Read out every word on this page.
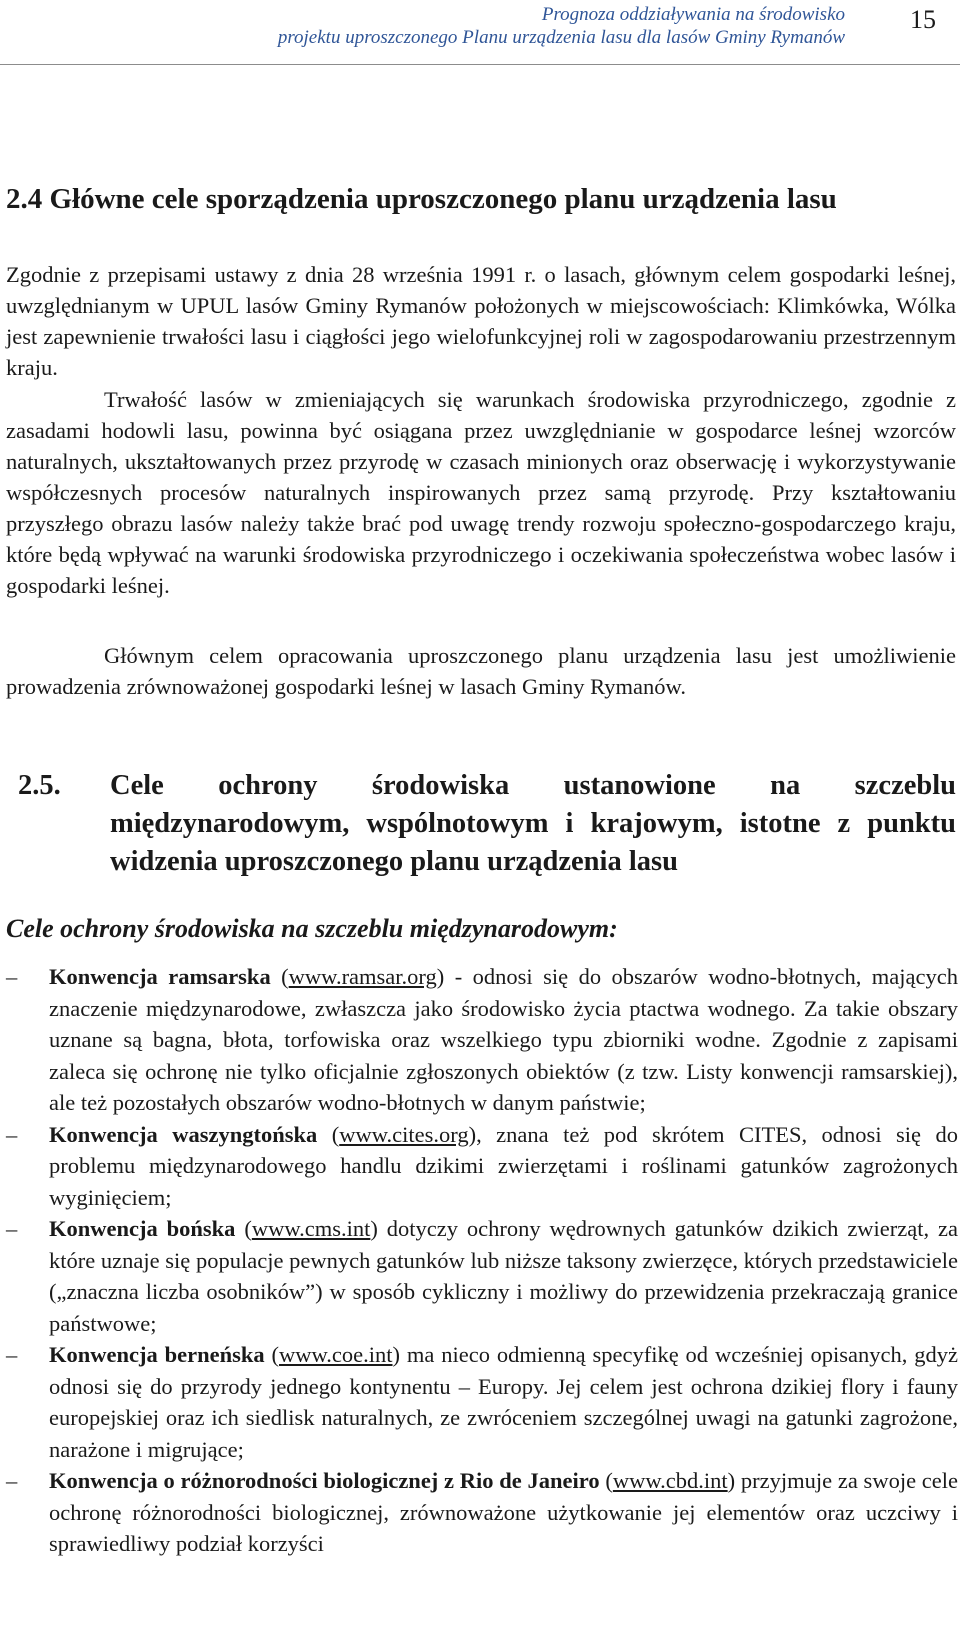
Prognoza oddziaływania na środowisko
projektu uproszczonego Planu urządzenia lasu dla lasów Gminy Rymanów
15
2.4 Główne cele sporządzenia uproszczonego planu urządzenia lasu

Zgodnie z przepisami ustawy z dnia 28 września 1991 r. o lasach, głównym celem gospodarki leśnej, uwzględnianym w UPUL lasów Gminy Rymanów położonych w miejscowościach: Klimkówka, Wólka jest zapewnienie trwałości lasu i ciągłości jego wielofunkcyjnej roli w zagospodarowaniu przestrzennym kraju.

Trwałość lasów w zmieniających się warunkach środowiska przyrodniczego, zgodnie z zasadami hodowli lasu, powinna być osiągana przez uwzględnianie w gospodarce leśnej wzorców naturalnych, ukształtowanych przez przyrodę w czasach minionych oraz obserwację i wykorzystywanie współczesnych procesów naturalnych inspirowanych przez samą przyrodę. Przy kształtowaniu przyszłego obrazu lasów należy także brać pod uwagę trendy rozwoju społeczno-gospodarczego kraju, które będą wpływać na warunki środowiska przyrodniczego i oczekiwania społeczeństwa wobec lasów i gospodarki leśnej.

Głównym celem opracowania uproszczonego planu urządzenia lasu jest umożliwienie prowadzenia zrównoważonej gospodarki leśnej w lasach Gminy Rymanów.

2.5. Cele ochrony środowiska ustanowione na szczeblu międzynarodowym, wspólnotowym i krajowym, istotne z punktu widzenia uproszczonego planu urządzenia lasu
Cele ochrony środowiska na szczeblu międzynarodowym:
–	Konwencja ramsarska (www.ramsar.org) - odnosi się do obszarów wodno-błotnych, mających znaczenie międzynarodowe, zwłaszcza jako środowisko życia ptactwa wodnego. Za takie obszary uznane są bagna, błota, torfowiska oraz wszelkiego typu zbiorniki wodne. Zgodnie z zapisami zaleca się ochronę nie tylko oficjalnie zgłoszonych obiektów (z tzw. Listy konwencji ramsarskiej), ale też pozostałych obszarów wodno-błotnych w danym państwie;
–	Konwencja waszyngtońska (www.cites.org), znana też pod skrótem CITES, odnosi się do problemu międzynarodowego handlu dzikimi zwierzętami i roślinami gatunków zagrożonych wyginięciem;
–	Konwencja bońska (www.cms.int) dotyczy ochrony wędrownych gatunków dzikich zwierząt, za które uznaje się populacje pewnych gatunków lub niższe taksony zwierzęce, których przedstawiciele („znaczna liczba osobników”) w sposób cykliczny i możliwy do przewidzenia przekraczają granice państwowe;
–	Konwencja berneńska (www.coe.int) ma nieco odmienną specyfikę od wcześniej opisanych, gdyż odnosi się do przyrody jednego kontynentu – Europy. Jej celem jest ochrona dzikiej flory i fauny europejskiej oraz ich siedlisk naturalnych, ze zwróceniem szczególnej uwagi na gatunki zagrożone, narażone i migrujące;
–	Konwencja o różnorodności biologicznej z Rio de Janeiro (www.cbd.int) przyjmuje za swoje cele ochronę różnorodności biologicznej, zrównoważone użytkowanie jej elementów oraz uczciwy i sprawiedliwy podział korzyści
